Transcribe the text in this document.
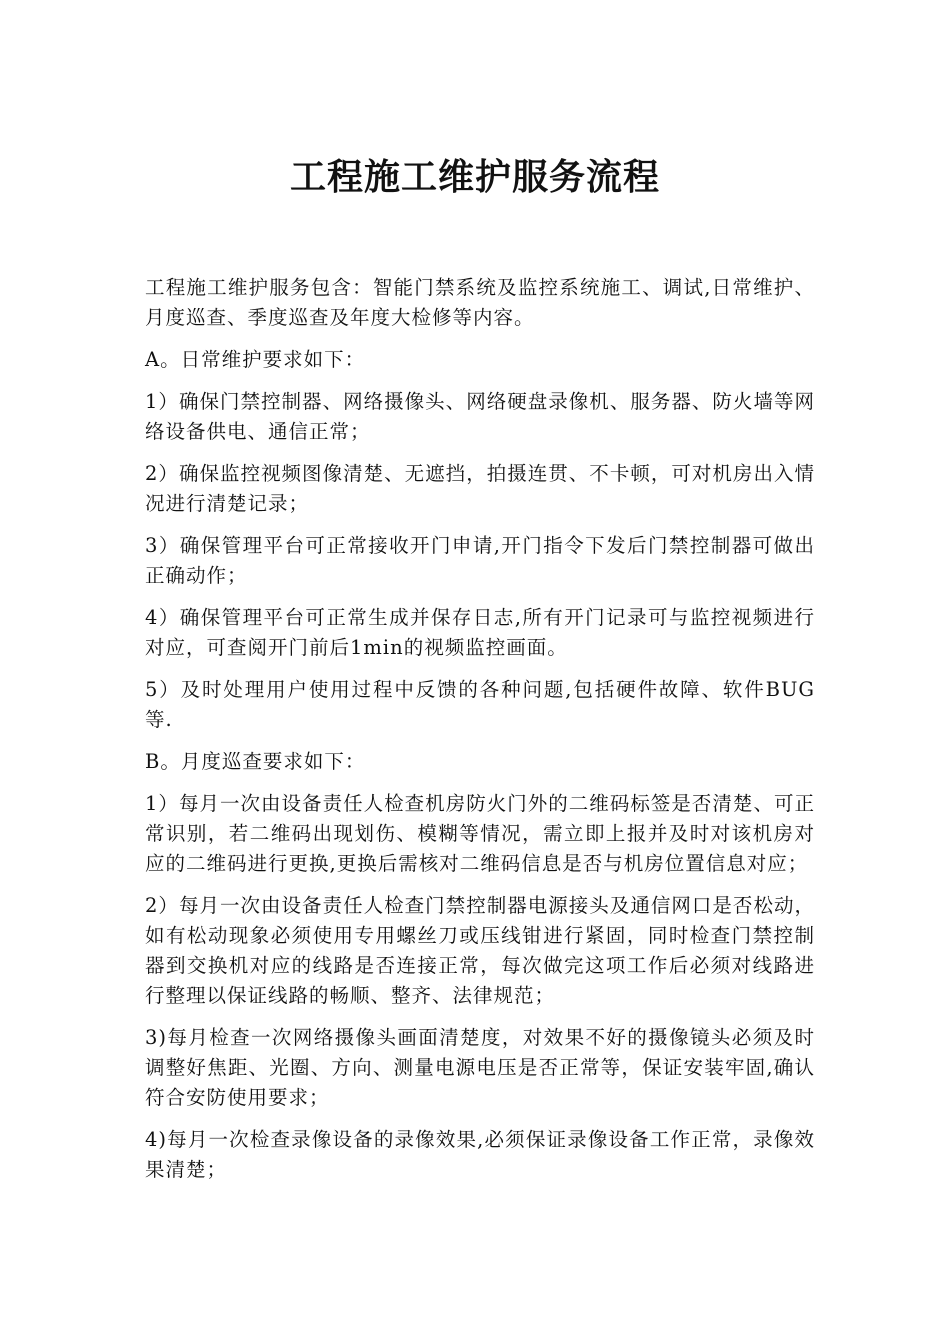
工程施工维护服务流程

工程施工维护服务包含：智能门禁系统及监控系统施工、调试,日常维护、月度巡查、季度巡查及年度大检修等内容。

A。日常维护要求如下：

1）确保门禁控制器、网络摄像头、网络硬盘录像机、服务器、防火墙等网络设备供电、通信正常；

2）确保监控视频图像清楚、无遮挡，拍摄连贯、不卡顿，可对机房出入情况进行清楚记录；

3）确保管理平台可正常接收开门申请,开门指令下发后门禁控制器可做出正确动作；

4）确保管理平台可正常生成并保存日志,所有开门记录可与监控视频进行对应，可查阅开门前后1min的视频监控画面。

5）及时处理用户使用过程中反馈的各种问题,包括硬件故障、软件BUG等.

B。月度巡查要求如下：

1）每月一次由设备责任人检查机房防火门外的二维码标签是否清楚、可正常识别，若二维码出现划伤、模糊等情况，需立即上报并及时对该机房对应的二维码进行更换,更换后需核对二维码信息是否与机房位置信息对应；

2）每月一次由设备责任人检查门禁控制器电源接头及通信网口是否松动，如有松动现象必须使用专用螺丝刀或压线钳进行紧固，同时检查门禁控制器到交换机对应的线路是否连接正常，每次做完这项工作后必须对线路进行整理以保证线路的畅顺、整齐、法律规范；

3)每月检查一次网络摄像头画面清楚度，对效果不好的摄像镜头必须及时调整好焦距、光圈、方向、测量电源电压是否正常等，保证安装牢固,确认符合安防使用要求；

4)每月一次检查录像设备的录像效果,必须保证录像设备工作正常，录像效果清楚；
